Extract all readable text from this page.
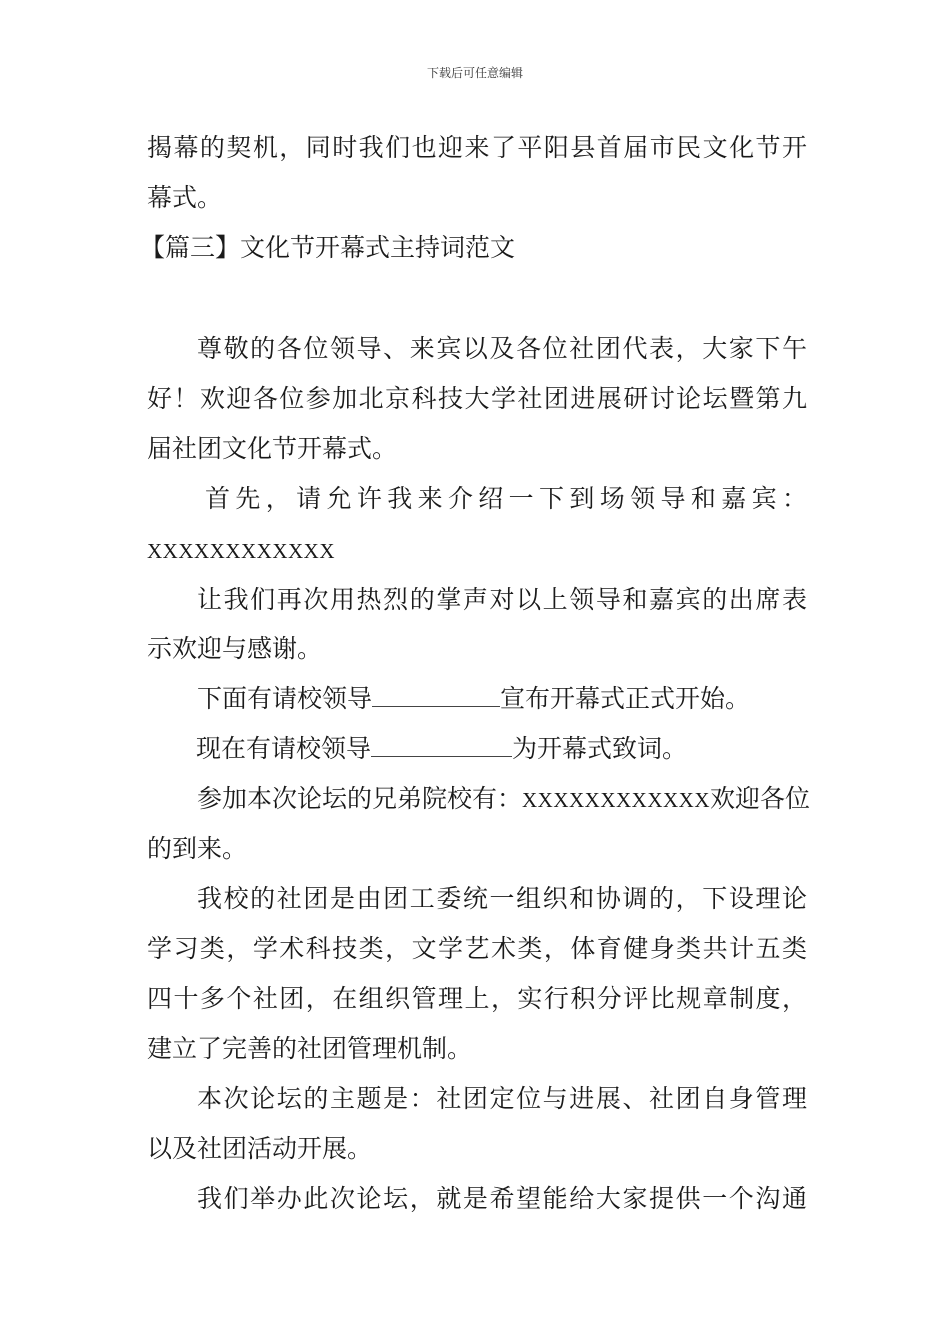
下载后可任意编辑
揭幕的契机，同时我们也迎来了平阳县首届市民文化节开
幕式。
【篇三】文化节开幕式主持词范文
尊敬的各位领导、来宾以及各位社团代表，大家下午
好！欢迎各位参加北京科技大学社团进展研讨论坛暨第九
届社团文化节开幕式。
首先，请允许我来介绍一下到场领导和嘉宾：
XXXXXXXXXXXX
让我们再次用热烈的掌声对以上领导和嘉宾的出席表
示欢迎与感谢。
下面有请校领导	宣布开幕式正式开始。
现在有请校领导	为开幕式致词。
参加本次论坛的兄弟院校有：XXXXXXXXXXXX欢迎各位
的到来。
我校的社团是由团工委统一组织和协调的，下设理论
学习类，学术科技类，文学艺术类，体育健身类共计五类
四十多个社团，在组织管理上，实行积分评比规章制度，
建立了完善的社团管理机制。
本次论坛的主题是：社团定位与进展、社团自身管理
以及社团活动开展。
我们举办此次论坛，就是希望能给大家提供一个沟通
